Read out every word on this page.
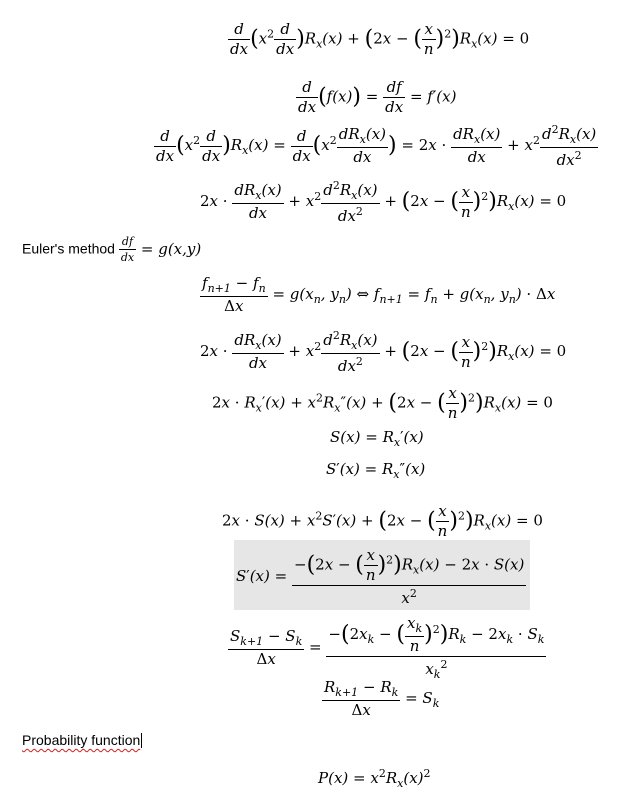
$\frac{d}{dx} (x^2 \frac{d}{dx} )R_x(x) + (2x$ − ( $\frac{x}{n} )^2)R_x(x) = 0$
$\frac{d}{dx} (f(x)) = \frac{df}{dx} = f'(x)$
$\frac{d}{dx} (x^2 \frac{d}{dx} )R_x(x) = \frac{d}{dx} (x^2 \frac{dR_x(x)}{dx}$ ) = $2x \cdot \frac{dR_x(x)}{dx} + x^2 \frac{d^2R_x(x)}{dx^2}$
$2x \cdot \frac{dR_x(x)}{dx} + x^2 \frac{d^2R_x(x)}{dx^2} + (2x$ − ( $\frac{x}{n} )^2)R_x(x) = 0$
Euler's method $\frac{df}{dx} = g(x,y)$
$\frac{f_{n+1} - f_n}{\Delta x} = g(x_n$, $y_n$) ⇔ $f_{n+1} = f_n + g(x_n$, $y_n) \cdot \Delta x$
$2x \cdot \frac{dR_x(x)}{dx} + x^2 \frac{d^2R_x(x)}{dx^2} + (2x$ − ( $\frac{x}{n} )^2)R_x(x) = 0$
$2x \cdot R_x'(x) + x^2R_x''(x) + (2x$ − ( $\frac{x}{n} )^2)R_x(x) = 0$
$S(x) = R_x'(x)$
$S'(x) = R_x''(x)$
$2x \cdot S(x) + x^2S'(x) + (2x$ − ( $\frac{x}{n} )^2)R_x(x) = 0$
$S'(x) = \frac{-(2x - ( \frac{x}{n} )^2)R_x(x) - 2x \cdot S(x)}{x^2}$
$\frac{S_{k+1} - S_k}{\Delta x} = \frac{-(2x_k - ( \frac{x_k}{n} )^2)R_k - 2x_k \cdot S_k}{x_k^2}$
$\frac{R_{k+1} - R_k}{\Delta x} = S_k$
Probability function
$P(x) = x^2R_x(x)^2$
